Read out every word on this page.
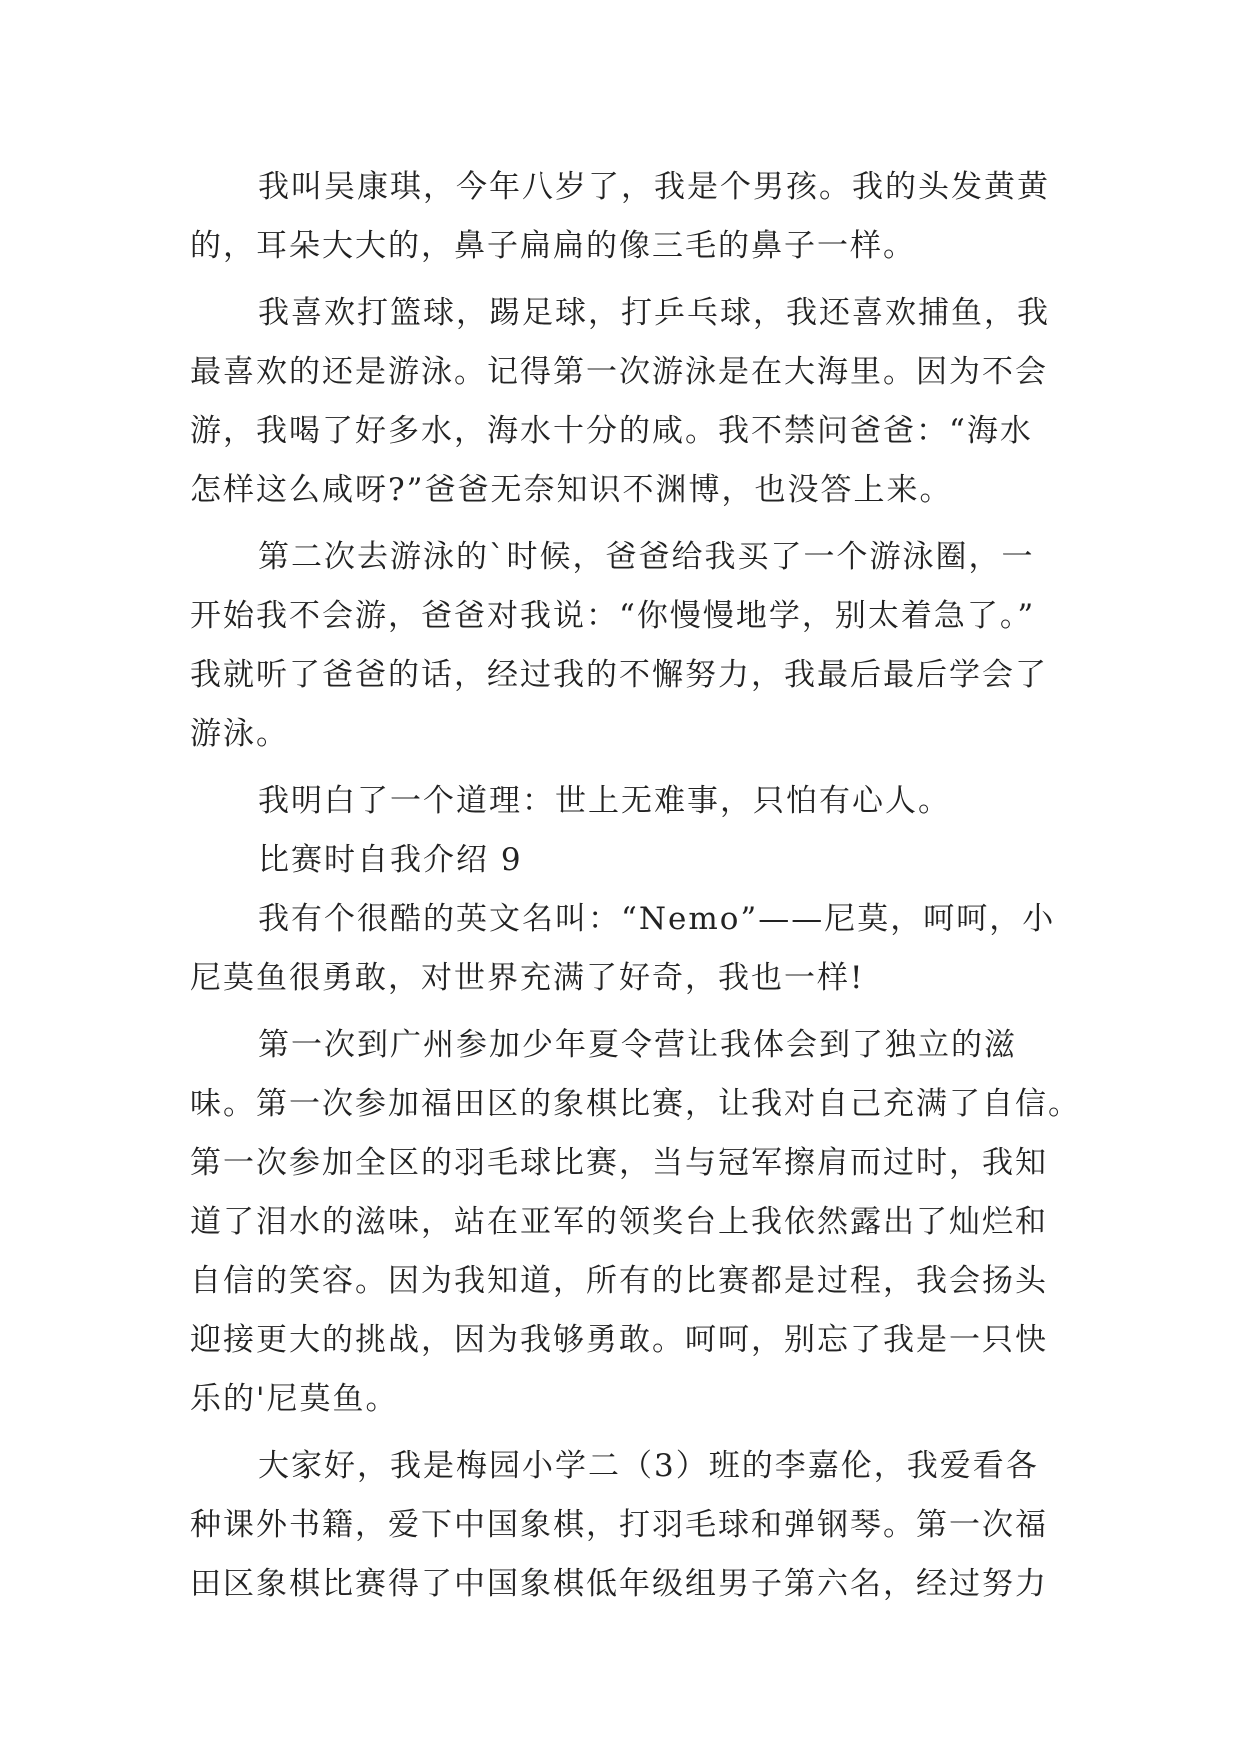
我叫吴康琪，今年八岁了，我是个男孩。我的头发黄黄
的，耳朵大大的，鼻子扁扁的像三毛的鼻子一样。
我喜欢打篮球，踢足球，打乒乓球，我还喜欢捕鱼，我
最喜欢的还是游泳。记得第一次游泳是在大海里。因为不会
游，我喝了好多水，海水十分的咸。我不禁问爸爸：“海水
怎样这么咸呀?”爸爸无奈知识不渊博，也没答上来。
第二次去游泳的`时候，爸爸给我买了一个游泳圈，一
开始我不会游，爸爸对我说：“你慢慢地学，别太着急了。”
我就听了爸爸的话，经过我的不懈努力，我最后最后学会了
游泳。
我明白了一个道理：世上无难事，只怕有心人。
比赛时自我介绍 9
我有个很酷的英文名叫：“Nemo”——尼莫，呵呵，小
尼莫鱼很勇敢，对世界充满了好奇，我也一样!
第一次到广州参加少年夏令营让我体会到了独立的滋
味。第一次参加福田区的象棋比赛，让我对自己充满了自信。
第一次参加全区的羽毛球比赛，当与冠军擦肩而过时，我知
道了泪水的滋味，站在亚军的领奖台上我依然露出了灿烂和
自信的笑容。因为我知道，所有的比赛都是过程，我会扬头
迎接更大的挑战，因为我够勇敢。呵呵，别忘了我是一只快
乐的'尼莫鱼。
大家好，我是梅园小学二（3）班的李嘉伦，我爱看各
种课外书籍，爱下中国象棋，打羽毛球和弹钢琴。第一次福
田区象棋比赛得了中国象棋低年级组男子第六名，经过努力
